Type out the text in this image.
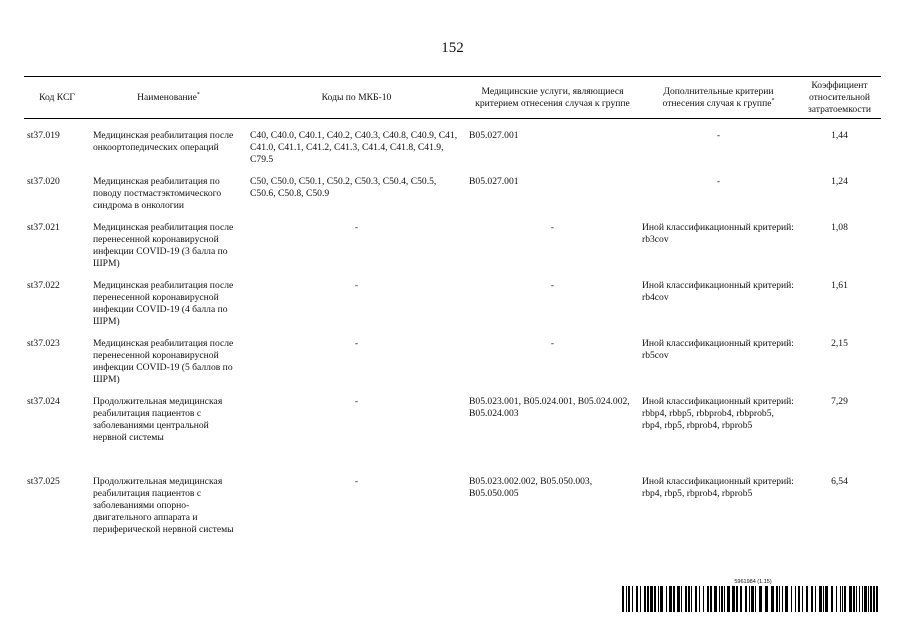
152
Код КСГ	Наименование*	Коды по МКБ-10	Медицинские услуги, являющиеся критерием отнесения случая к группе	Дополнительные критерии отнесения случая к группе*	Коэффициент относительной затратоемкости

st37.019	Медицинская реабилитация после онкоортопедических операций	C40, C40.0, C40.1, C40.2, C40.3, C40.8, C40.9, C41, C41.0, C41.1, C41.2, C41.3, C41.4, C41.8, C41.9, C79.5	B05.027.001	-	1,44
st37.020	Медицинская реабилитация по поводу постмастэктомического синдрома в онкологии	C50, C50.0, C50.1, C50.2, C50.3, C50.4, C50.5, C50.6, C50.8, C50.9	B05.027.001	-	1,24
st37.021	Медицинская реабилитация после перенесенной коронавирусной инфекции COVID-19 (3 балла по ШРМ)	-	-	Иной классификационный критерий: rb3cov	1,08
st37.022	Медицинская реабилитация после перенесенной коронавирусной инфекции COVID-19 (4 балла по ШРМ)	-	-	Иной классификационный критерий: rb4cov	1,61
st37.023	Медицинская реабилитация после перенесенной коронавирусной инфекции COVID-19 (5 баллов по ШРМ)	-	-	Иной классификационный критерий: rb5cov	2,15
st37.024	Продолжительная медицинская реабилитация пациентов с заболеваниями центральной нервной системы	-	B05.023.001, B05.024.001, B05.024.002, B05.024.003	Иной клаcсификационный критерий: rbbp4, rbbp5, rbbprob4, rbbprob5, rbp4, rbp5, rbprob4, rbprob5	7,29
st37.025	Продолжительная медицинская реабилитация пациентов с заболеваниями опорно-двигательного аппарата и периферической нервной системы	-	B05.023.002.002, B05.050.003, B05.050.005	Иной клаcсификационный критерий: rbp4, rbp5, rbprob4, rbprob5	6,54
5961984 (1.15)
